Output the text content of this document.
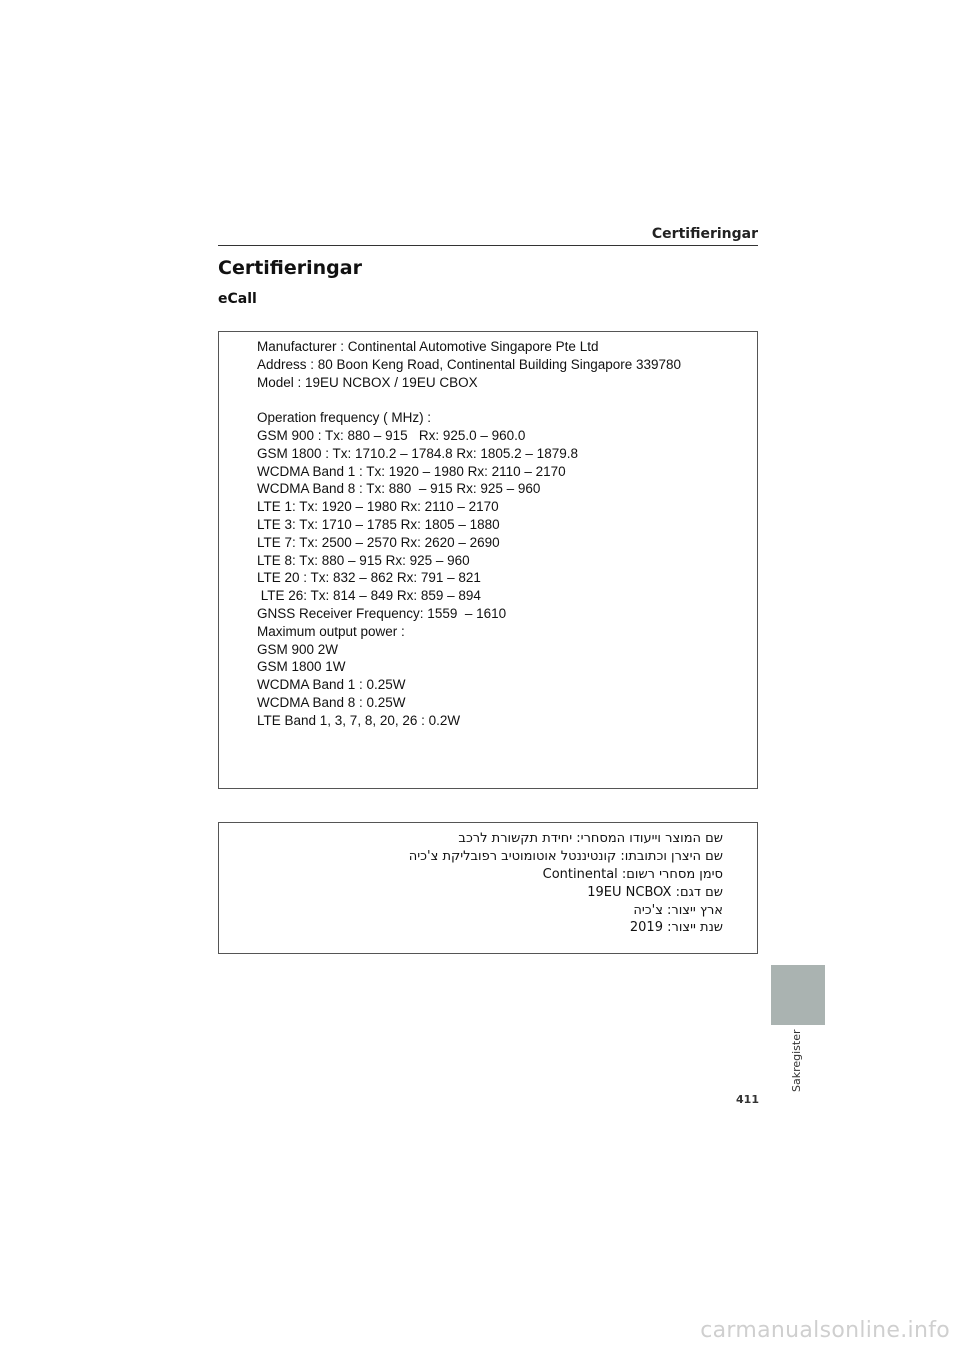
Certifieringar
Certifieringar
eCall
Manufacturer : Continental Automotive Singapore Pte Ltd
Address : 80 Boon Keng Road, Continental Building Singapore 339780
Model : 19EU NCBOX / 19EU CBOX
Operation frequency ( MHz) :
GSM 900 : Tx: 880 – 915   Rx: 925.0 – 960.0
GSM 1800 : Tx: 1710.2 – 1784.8 Rx: 1805.2 – 1879.8
WCDMA Band 1 : Tx: 1920 – 1980 Rx: 2110 – 2170
WCDMA Band 8 : Tx: 880  – 915 Rx: 925 – 960
LTE 1: Tx: 1920 – 1980 Rx: 2110 – 2170
LTE 3: Tx: 1710 – 1785 Rx: 1805 – 1880
LTE 7: Tx: 2500 – 2570 Rx: 2620 – 2690
LTE 8: Tx: 880 – 915 Rx: 925 – 960
LTE 20 : Tx: 832 – 862 Rx: 791 – 821
LTE 26: Tx: 814 – 849 Rx: 859 – 894
GNSS Receiver Frequency: 1559  – 1610
Maximum output power :
GSM 900 2W
GSM 1800 1W
WCDMA Band 1 : 0.25W
WCDMA Band 8 : 0.25W
LTE Band 1, 3, 7, 8, 20, 26 : 0.2W
שם המוצר וייעודו המסחרי: יחידת תקשורת לרכב
שם היצרן וכתובתו: קונטיננטל אוטומוטיב רפובליקת צ'כיה
סימן מסחרי רשום: Continental
שם דגם: 19EU NCBOX
ארץ ייצור: צ'כיה
שנת ייצור: 2019
Sakregister
411
carmanualsonline.info
